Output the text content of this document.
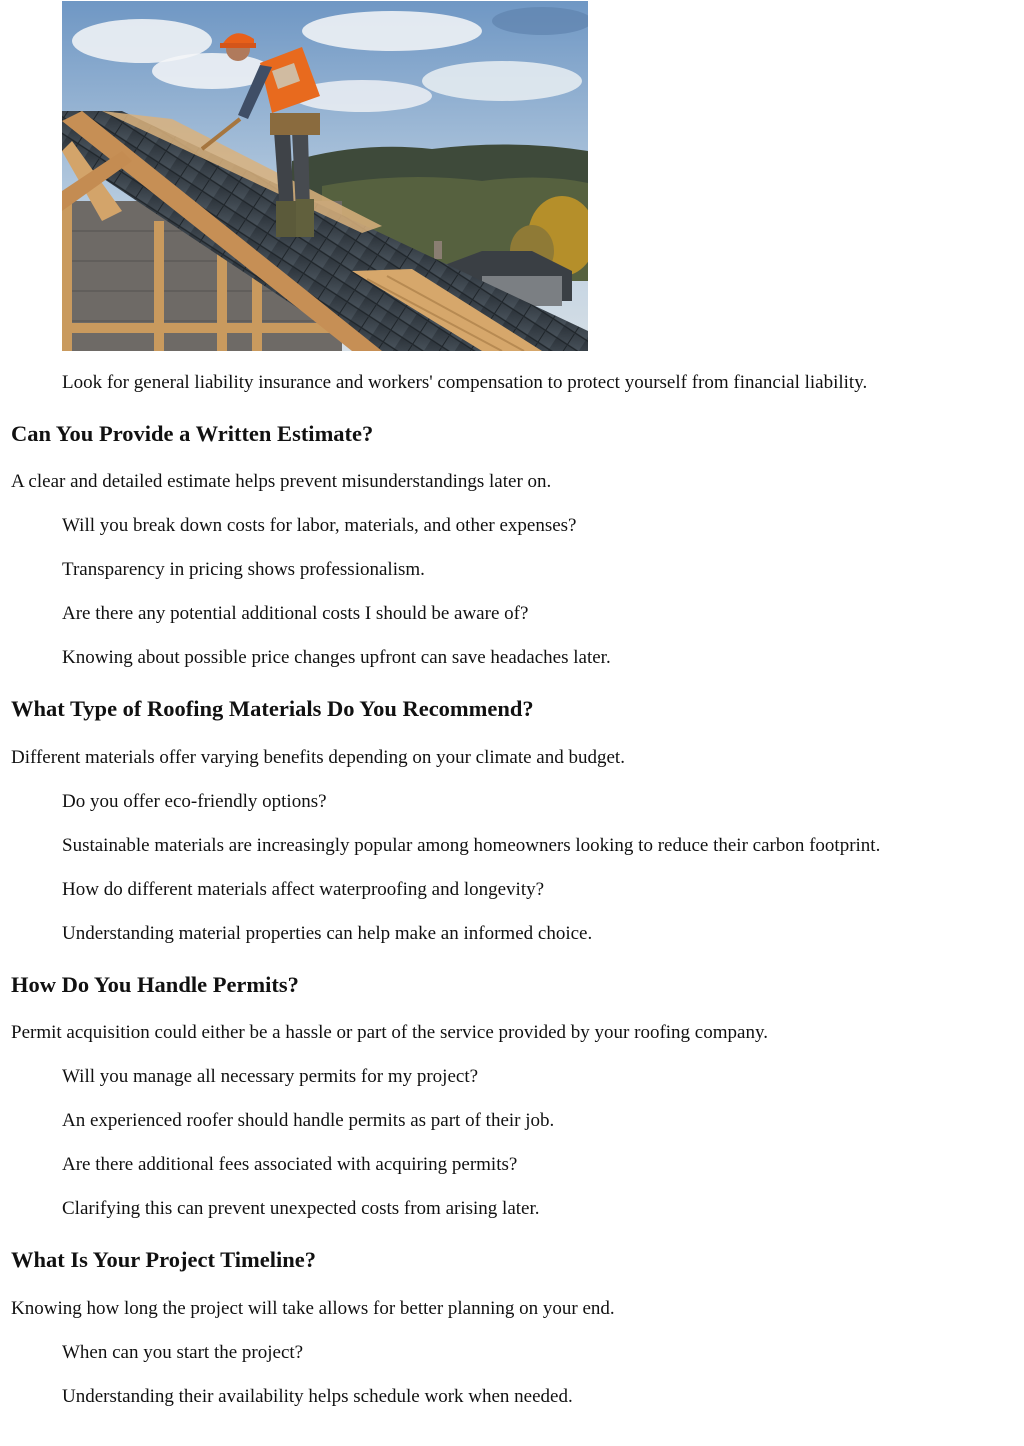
Look for general liability insurance and workers' compensation to protect yourself from financial liability.

Can You Provide a Written Estimate?

A clear and detailed estimate helps prevent misunderstandings later on.

Will you break down costs for labor, materials, and other expenses?

Transparency in pricing shows professionalism.

Are there any potential additional costs I should be aware of?

Knowing about possible price changes upfront can save headaches later.

What Type of Roofing Materials Do You Recommend?

Different materials offer varying benefits depending on your climate and budget.

Do you offer eco-friendly options?

Sustainable materials are increasingly popular among homeowners looking to reduce their carbon footprint.

How do different materials affect waterproofing and longevity?

Understanding material properties can help make an informed choice.

How Do You Handle Permits?

Permit acquisition could either be a hassle or part of the service provided by your roofing company.

Will you manage all necessary permits for my project?

An experienced roofer should handle permits as part of their job.

Are there additional fees associated with acquiring permits?

Clarifying this can prevent unexpected costs from arising later.

What Is Your Project Timeline?

Knowing how long the project will take allows for better planning on your end.

When can you start the project?

Understanding their availability helps schedule work when needed.
